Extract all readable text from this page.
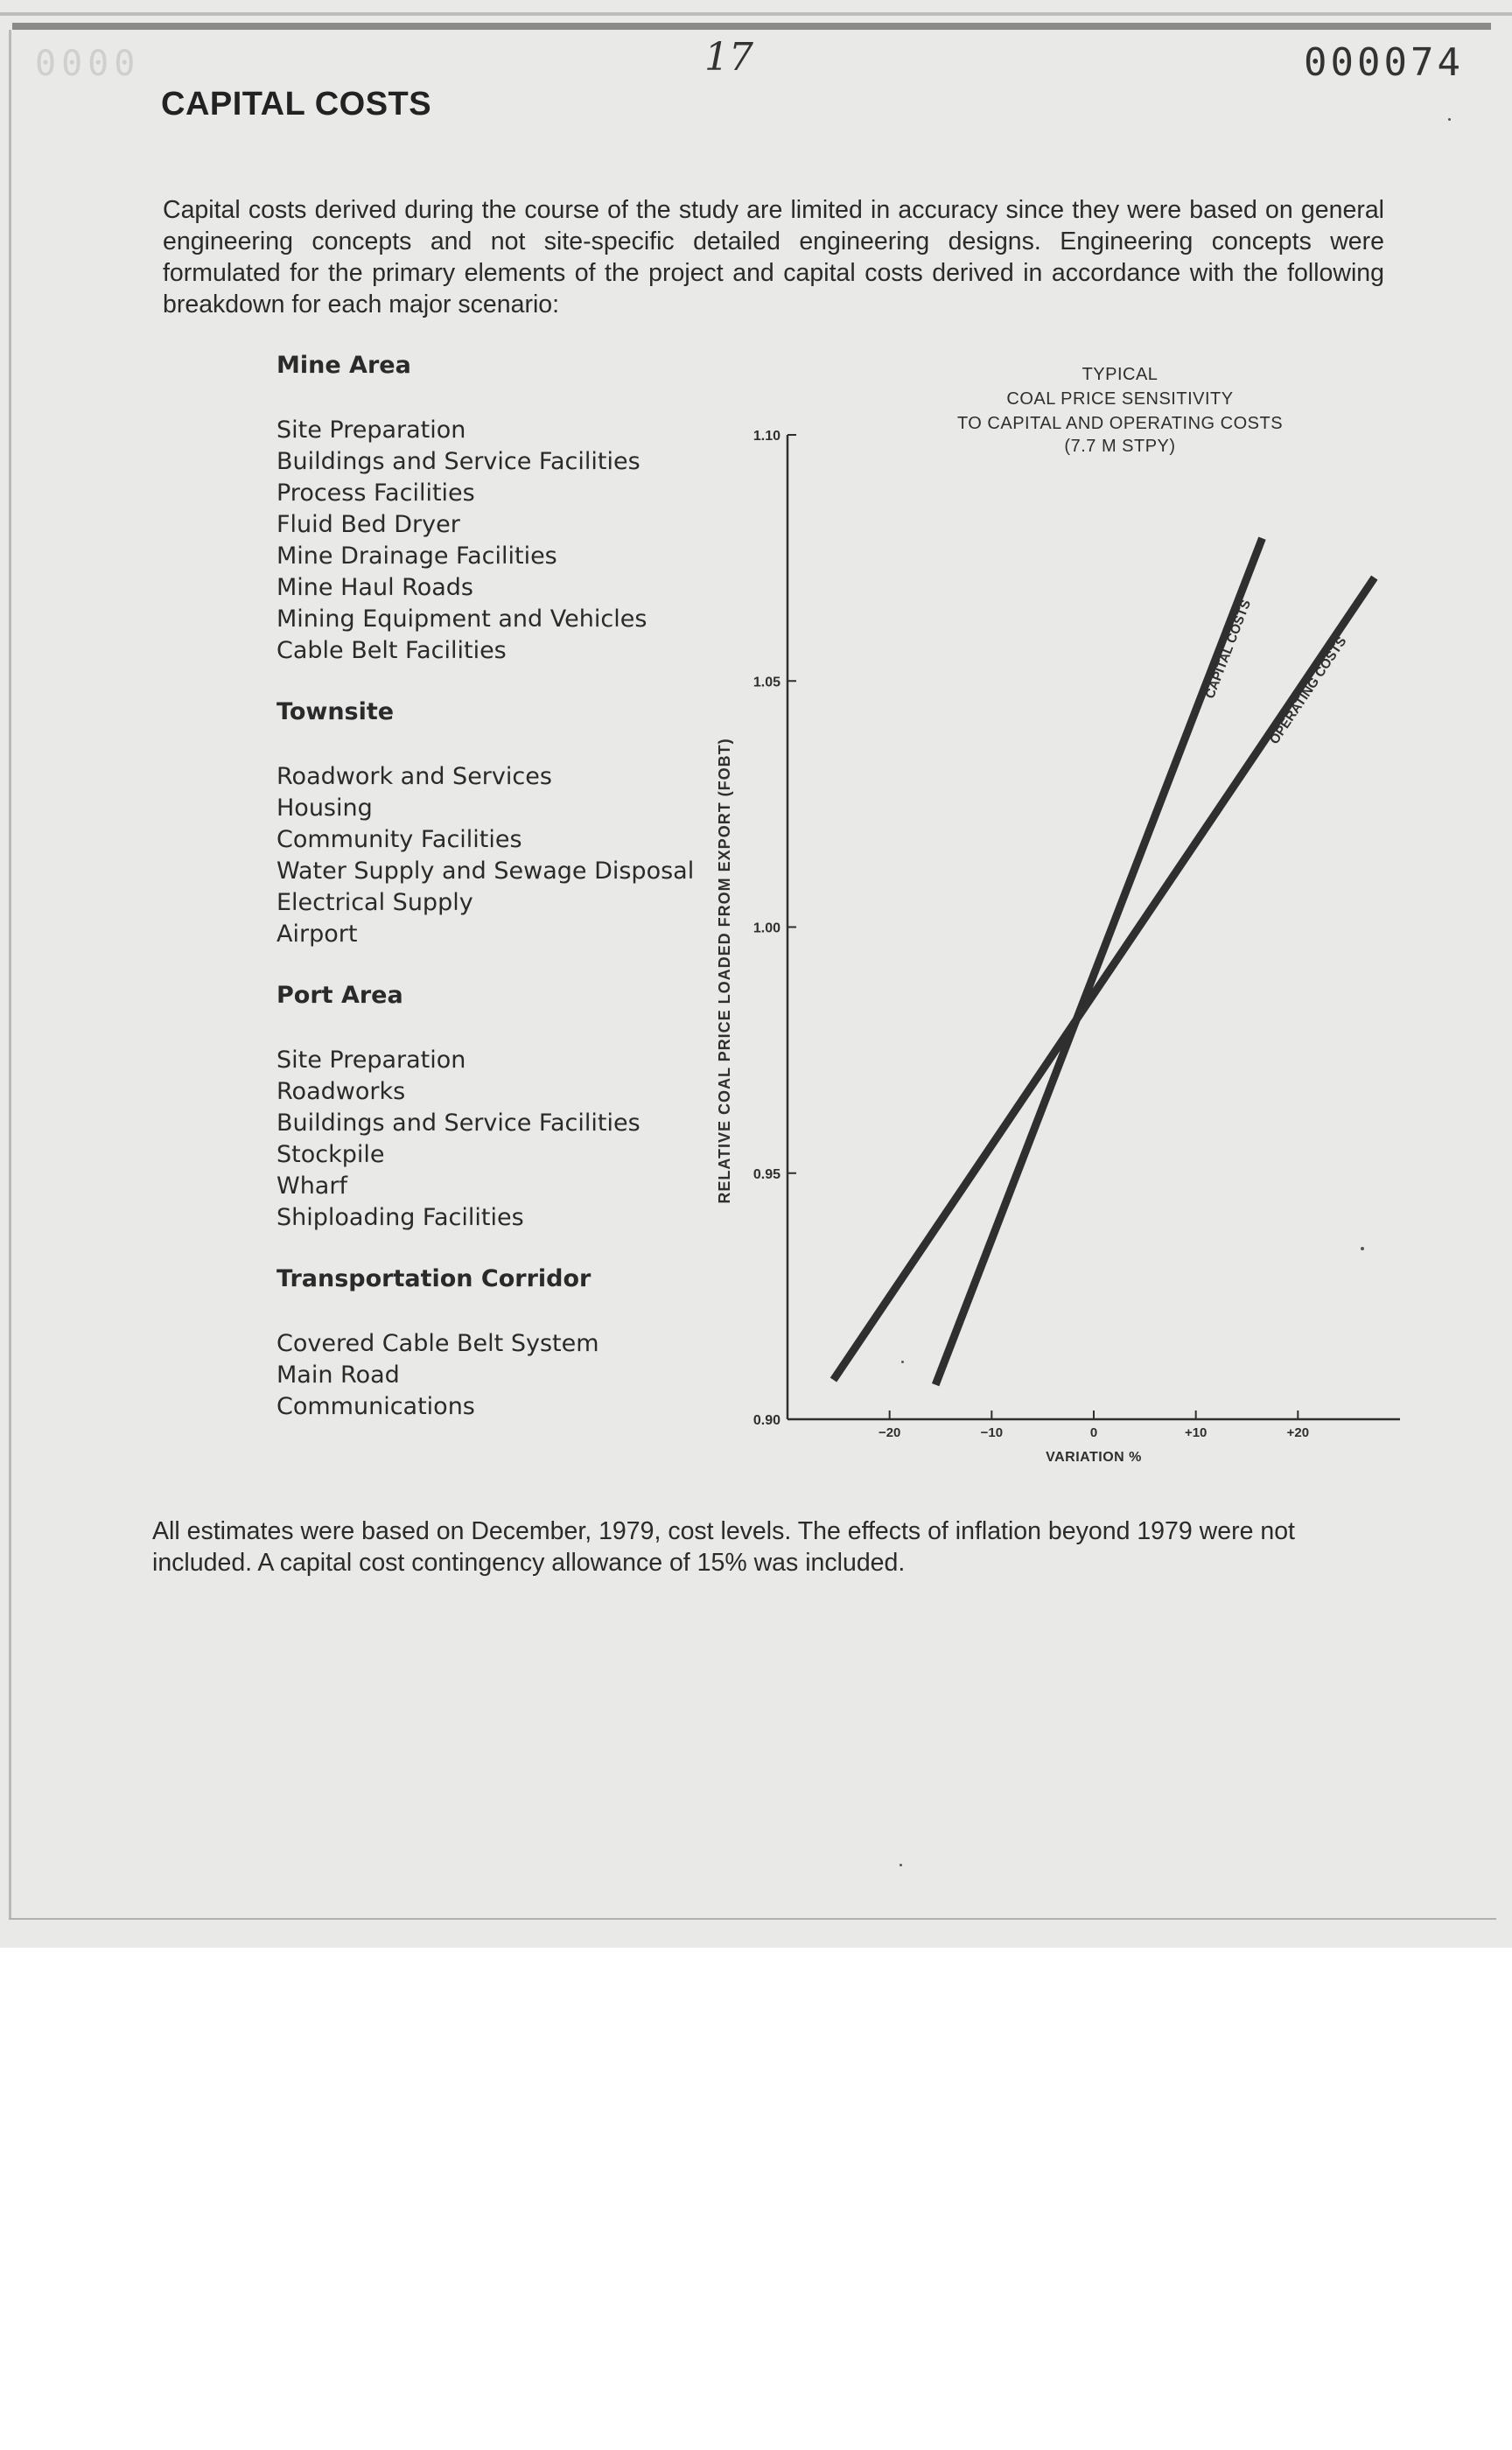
0000	17	000074
CAPITAL COSTS
Capital costs derived during the course of the study are limited in accuracy since they were based on general engineering concepts and not site-specific detailed engineering designs. Engineering concepts were formulated for the primary elements of the project and capital costs derived in accordance with the following breakdown for each major scenario:
Mine Area
Site Preparation
Buildings and Service Facilities
Process Facilities
Fluid Bed Dryer
Mine Drainage Facilities
Mine Haul Roads
Mining Equipment and Vehicles
Cable Belt Facilities
Townsite
Roadwork and Services
Housing
Community Facilities
Water Supply and Sewage Disposal
Electrical Supply
Airport
Port Area
Site Preparation
Roadworks
Buildings and Service Facilities
Stockpile
Wharf
Shiploading Facilities
Transportation Corridor
Covered Cable Belt System
Main Road
Communications
TYPICAL
COAL PRICE SENSITIVITY
TO CAPITAL AND OPERATING COSTS
(7.7 M STPY)
0.90
0.95
1.00
1.05
1.10
−20	−10	0	+10	+20
VARIATION %
RELATIVE COAL PRICE LOADED FROM EXPORT (FOBT)
CAPITAL COSTS OPERATING COSTS
All estimates were based on December, 1979, cost levels. The effects of inflation beyond 1979 were not included. A capital cost contingency allowance of 15% was included.
